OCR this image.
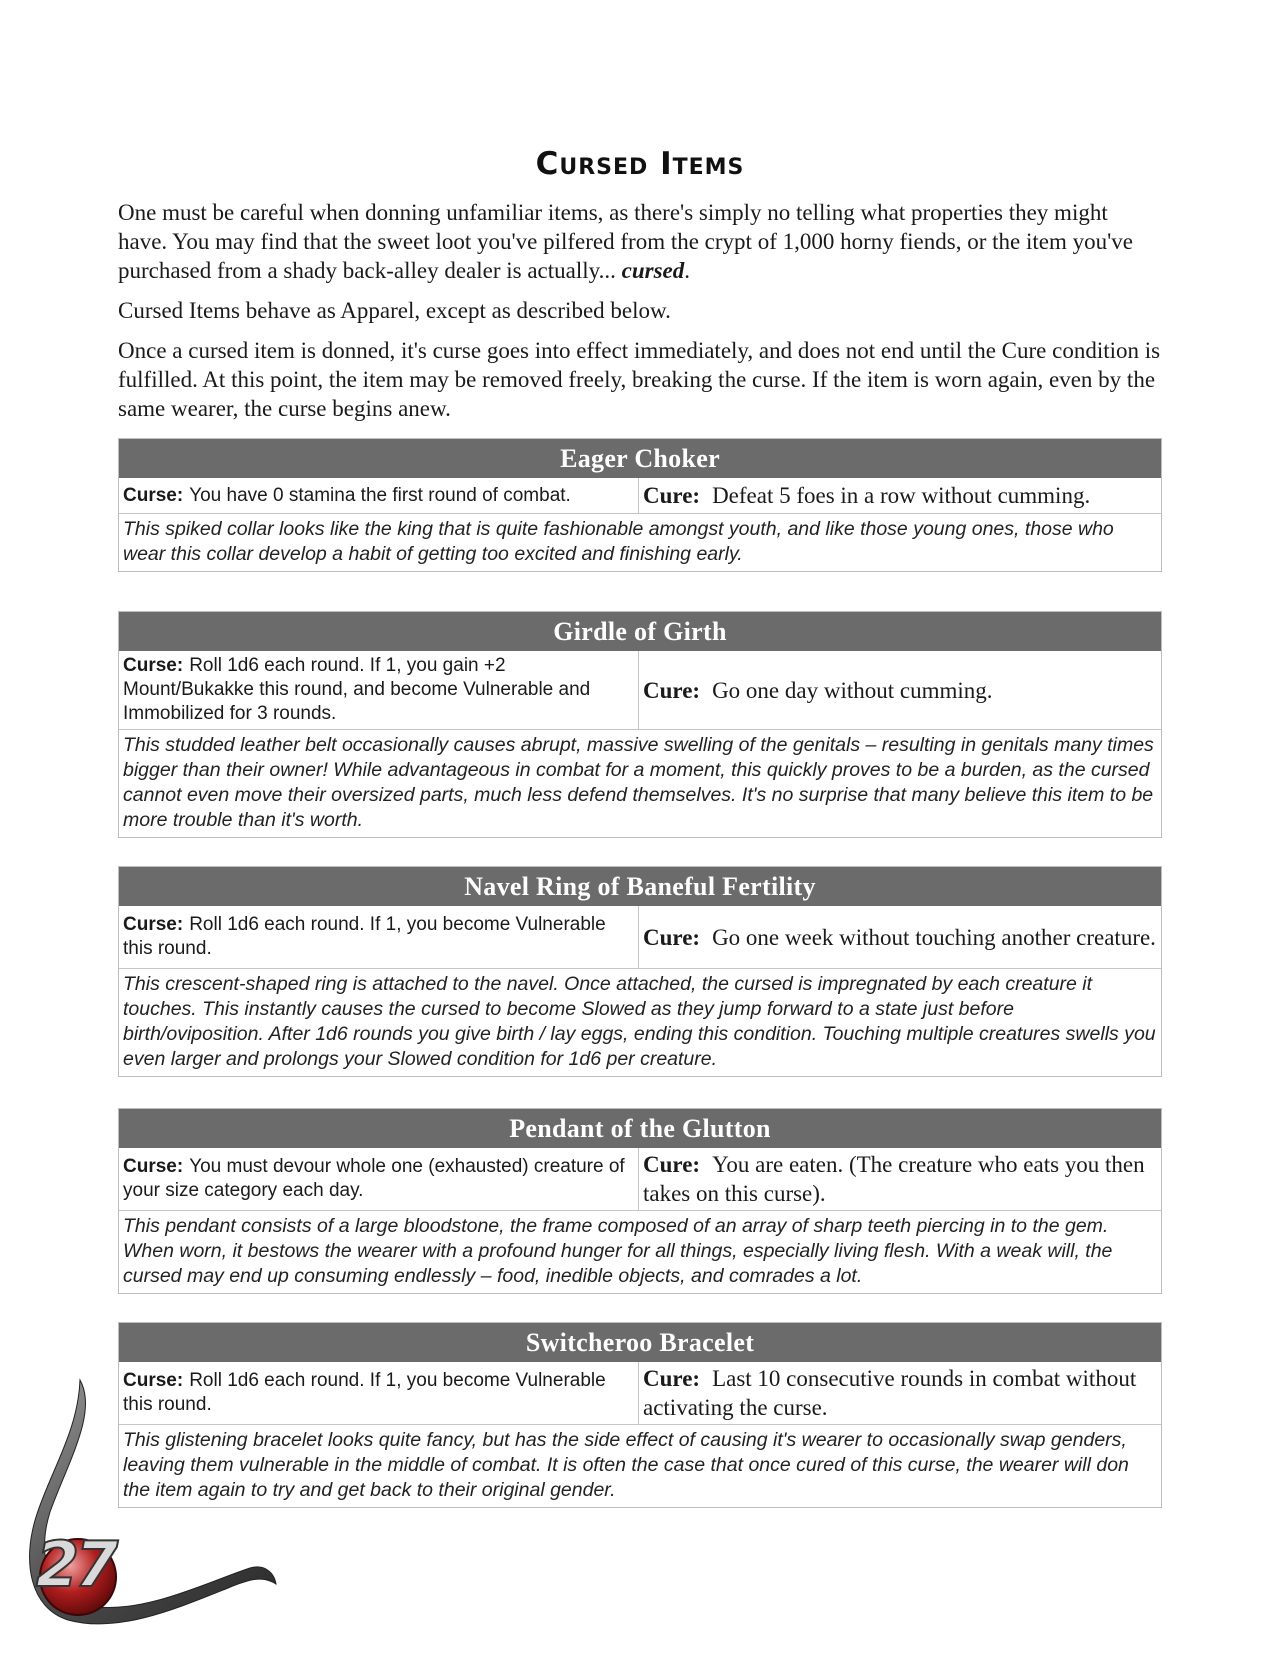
Cursed Items

One must be careful when donning unfamiliar items, as there's simply no telling what properties they might have. You may find that the sweet loot you've pilfered from the crypt of 1,000 horny fiends, or the item you've purchased from a shady back-alley dealer is actually... cursed.

Cursed Items behave as Apparel, except as described below.

Once a cursed item is donned, it's curse goes into effect immediately, and does not end until the Cure condition is fulfilled. At this point, the item may be removed freely, breaking the curse. If the item is worn again, even by the same wearer, the curse begins anew.

Eager Choker
Curse: You have 0 stamina the first round of combat.	Cure: Defeat 5 foes in a row without cumming.
This spiked collar looks like the king that is quite fashionable amongst youth, and like those young ones, those who wear this collar develop a habit of getting too excited and finishing early.
Girdle of Girth
Curse: Roll 1d6 each round. If 1, you gain +2 Mount/Bukakke this round, and become Vulnerable and Immobilized for 3 rounds.
Cure: Go one day without cumming.
This studded leather belt occasionally causes abrupt, massive swelling of the genitals – resulting in genitals many times bigger than their owner! While advantageous in combat for a moment, this quickly proves to be a burden, as the cursed cannot even move their oversized parts, much less defend themselves. It's no surprise that many believe this item to be more trouble than it's worth.
Navel Ring of Baneful Fertility
Curse: Roll 1d6 each round. If 1, you become Vulnerable this round.	Cure: Go one week without touching another creature.
This crescent-shaped ring is attached to the navel. Once attached, the cursed is impregnated by each creature it touches. This instantly causes the cursed to become Slowed as they jump forward to a state just before birth/oviposition. After 1d6 rounds you give birth / lay eggs, ending this condition. Touching multiple creatures swells you even larger and prolongs your Slowed condition for 1d6 per creature.
Pendant of the Glutton
Curse: You must devour whole one (exhausted) creature of your size category each day.
Cure: You are eaten. (The creature who eats you then takes on this curse).
This pendant consists of a large bloodstone, the frame composed of an array of sharp teeth piercing in to the gem. When worn, it bestows the wearer with a profound hunger for all things, especially living flesh. With a weak will, the cursed may end up consuming endlessly – food, inedible objects, and comrades a lot.
Switcheroo Bracelet
Curse: Roll 1d6 each round. If 1, you become Vulnerable this round.
Cure: Last 10 consecutive rounds in combat without activating the curse.
This glistening bracelet looks quite fancy, but has the side effect of causing it's wearer to occasionally swap genders, leaving them vulnerable in the middle of combat. It is often the case that once cured of this curse, the wearer will don the item again to try and get back to their original gender.
27
